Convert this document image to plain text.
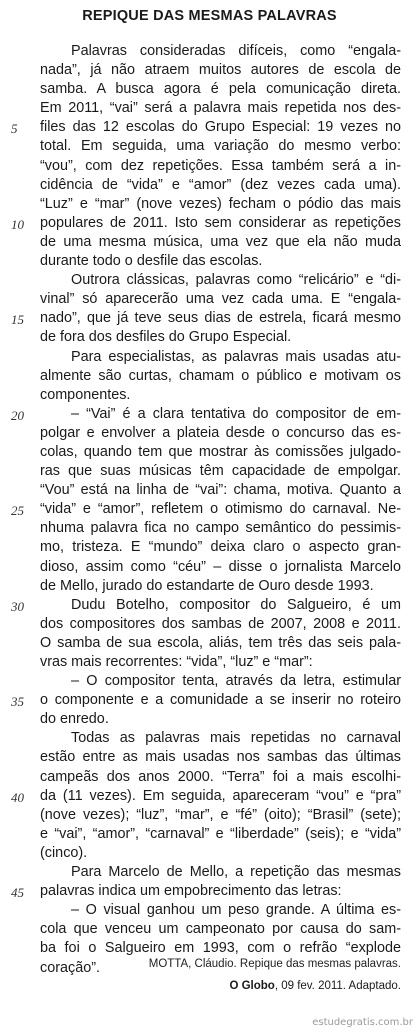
REPIQUE DAS MESMAS PALAVRAS
Palavras consideradas difíceis, como “engala-
nada”, já não atraem muitos autores de escola de
samba. A busca agora é pela comunicação direta.
Em 2011, “vai” será a palavra mais repetida nos des-
files das 12 escolas do Grupo Especial: 19 vezes no
total. Em seguida, uma variação do mesmo verbo:
“vou”, com dez repetições. Essa também será a in-
cidência de “vida” e “amor” (dez vezes cada uma).
“Luz” e “mar” (nove vezes) fecham o pódio das mais
populares de 2011. Isto sem considerar as repetições
de uma mesma música, uma vez que ela não muda
durante todo o desfile das escolas.
Outrora clássicas, palavras como “relicário” e “di-
vinal” só aparecerão uma vez cada uma. E “engala-
nado”, que já teve seus dias de estrela, ficará mesmo
de fora dos desfiles do Grupo Especial.
Para especialistas, as palavras mais usadas atu-
almente são curtas, chamam o público e motivam os
componentes.
– “Vai” é a clara tentativa do compositor de em-
polgar e envolver a plateia desde o concurso das es-
colas, quando tem que mostrar às comissões julgado-
ras que suas músicas têm capacidade de empolgar.
“Vou” está na linha de “vai”: chama, motiva. Quanto a
“vida” e “amor”, refletem o otimismo do carnaval. Ne-
nhuma palavra fica no campo semântico do pessimis-
mo, tristeza. E “mundo” deixa claro o aspecto gran-
dioso, assim como “céu” – disse o jornalista Marcelo
de Mello, jurado do estandarte de Ouro desde 1993.
Dudu Botelho, compositor do Salgueiro, é um
dos compositores dos sambas de 2007, 2008 e 2011.
O samba de sua escola, aliás, tem três das seis pala-
vras mais recorrentes: “vida”, “luz” e “mar”:
– O compositor tenta, através da letra, estimular
o componente e a comunidade a se inserir no roteiro
do enredo.
Todas as palavras mais repetidas no carnaval
estão entre as mais usadas nos sambas das últimas
campeãs dos anos 2000. “Terra” foi a mais escolhi-
da (11 vezes). Em seguida, apareceram “vou” e “pra”
(nove vezes); “luz”, “mar”, e “fé” (oito); “Brasil” (sete);
e “vai”, “amor”, “carnaval” e “liberdade” (seis); e “vida”
(cinco).
Para Marcelo de Mello, a repetição das mesmas
palavras indica um empobrecimento das letras:
– O visual ganhou um peso grande. A última es-
cola que venceu um campeonato por causa do sam-
ba foi o Salgueiro em 1993, com o refrão “explode
coração”.
5
10
15
20
25
30
35
40
45
MOTTA, Cláudio. Repique das mesmas palavras.
O Globo, 09 fev. 2011. Adaptado.
estudegratis.com.br
